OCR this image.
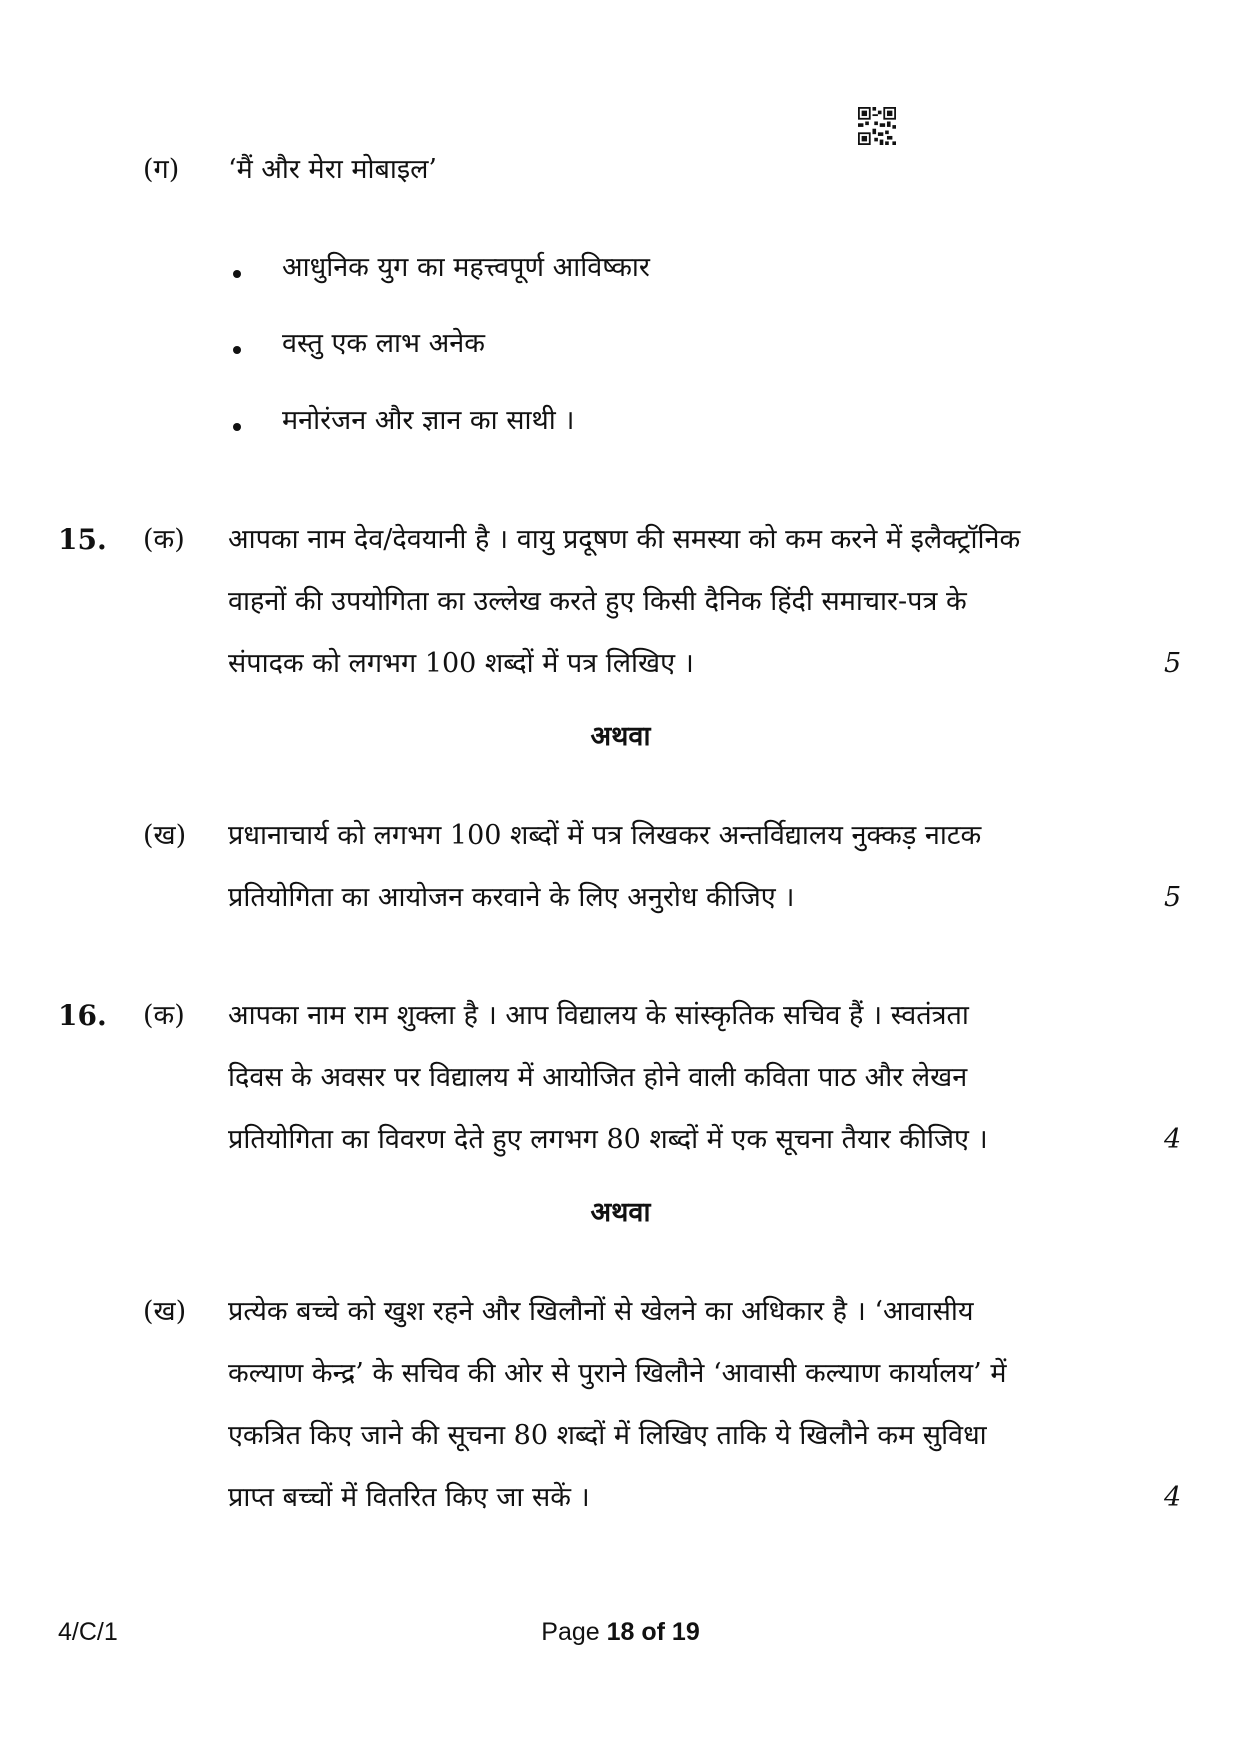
(ग) ‘मैं और मेरा मोबाइल’
आधुनिक युग का महत्त्वपूर्ण आविष्कार
वस्तु एक लाभ अनेक
मनोरंजन और ज्ञान का साथी ।
15. (क) आपका नाम देव/देवयानी है । वायु प्रदूषण की समस्या को कम करने में इलैक्ट्रॉनिक
वाहनों की उपयोगिता का उल्लेख करते हुए किसी दैनिक हिंदी समाचार-पत्र के
संपादक को लगभग 100 शब्दों में पत्र लिखिए ।	5
अथवा
(ख) प्रधानाचार्य को लगभग 100 शब्दों में पत्र लिखकर अन्तर्विद्यालय नुक्कड़ नाटक
प्रतियोगिता का आयोजन करवाने के लिए अनुरोध कीजिए ।	5
16. (क) आपका नाम राम शुक्ला है । आप विद्यालय के सांस्कृतिक सचिव हैं । स्वतंत्रता
दिवस के अवसर पर विद्यालय में आयोजित होने वाली कविता पाठ और लेखन
प्रतियोगिता का विवरण देते हुए लगभग 80 शब्दों में एक सूचना तैयार कीजिए ।	4
अथवा
(ख) प्रत्येक बच्चे को खुश रहने और खिलौनों से खेलने का अधिकार है । ‘आवासीय
कल्याण केन्द्र’ के सचिव की ओर से पुराने खिलौने ‘आवासी कल्याण कार्यालय’ में
एकत्रित किए जाने की सूचना 80 शब्दों में लिखिए ताकि ये खिलौने कम सुविधा
प्राप्त बच्चों में वितरित किए जा सकें ।	4
4/C/1	Page 18 of 19
